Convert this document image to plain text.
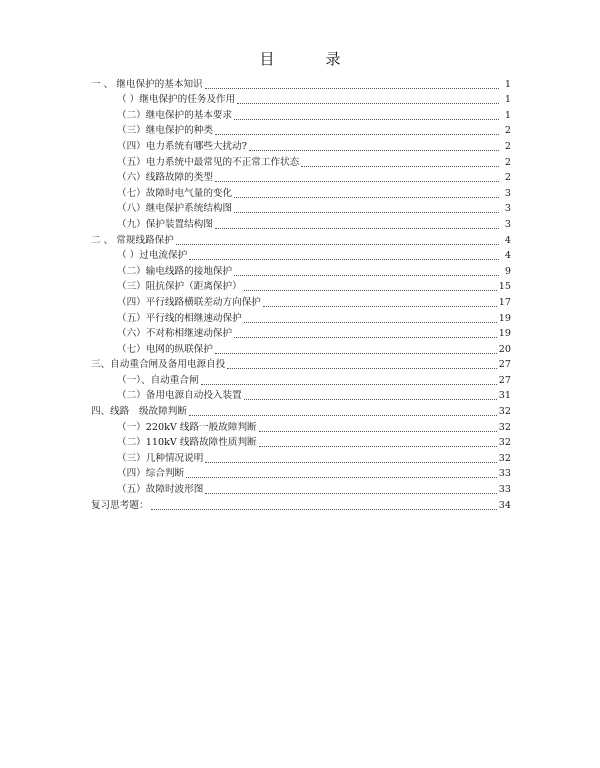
目　录
一 、 继电保护的基本知识	1
（ ）继电保护的任务及作用	1
（二）继电保护的基本要求	1
（三）继电保护的种类	2
（四）电力系统有哪些大扰动?	2
（五）电力系统中最常见的不正常工作状态	2
（六）线路故障的类型	2
（七）故障时电气量的变化	3
（八）继电保护系统结构图	3
（九）保护装置结构图	3
二 、 常规线路保护	4
（ ）过电流保护	4
（二）输电线路的接地保护	9
（三）阻抗保护（距离保护）	15
（四）平行线路横联差动方向保护	17
（五）平行线的相继速动保护	19
（六）不对称相继速动保护	19
（七）电网的纵联保护	20
三、自动重合闸及备用电源自投	27
（一）、自动重合闸	27
（二）备用电源自动投入装置	31
四、线路　级故障判断	32
（一）220kV 线路一般故障判断	32
（二）110kV 线路故障性质判断	32
（三）几种情况说明	32
（四）综合判断	33
（五）故障时波形图	33
复习思考题：	34
